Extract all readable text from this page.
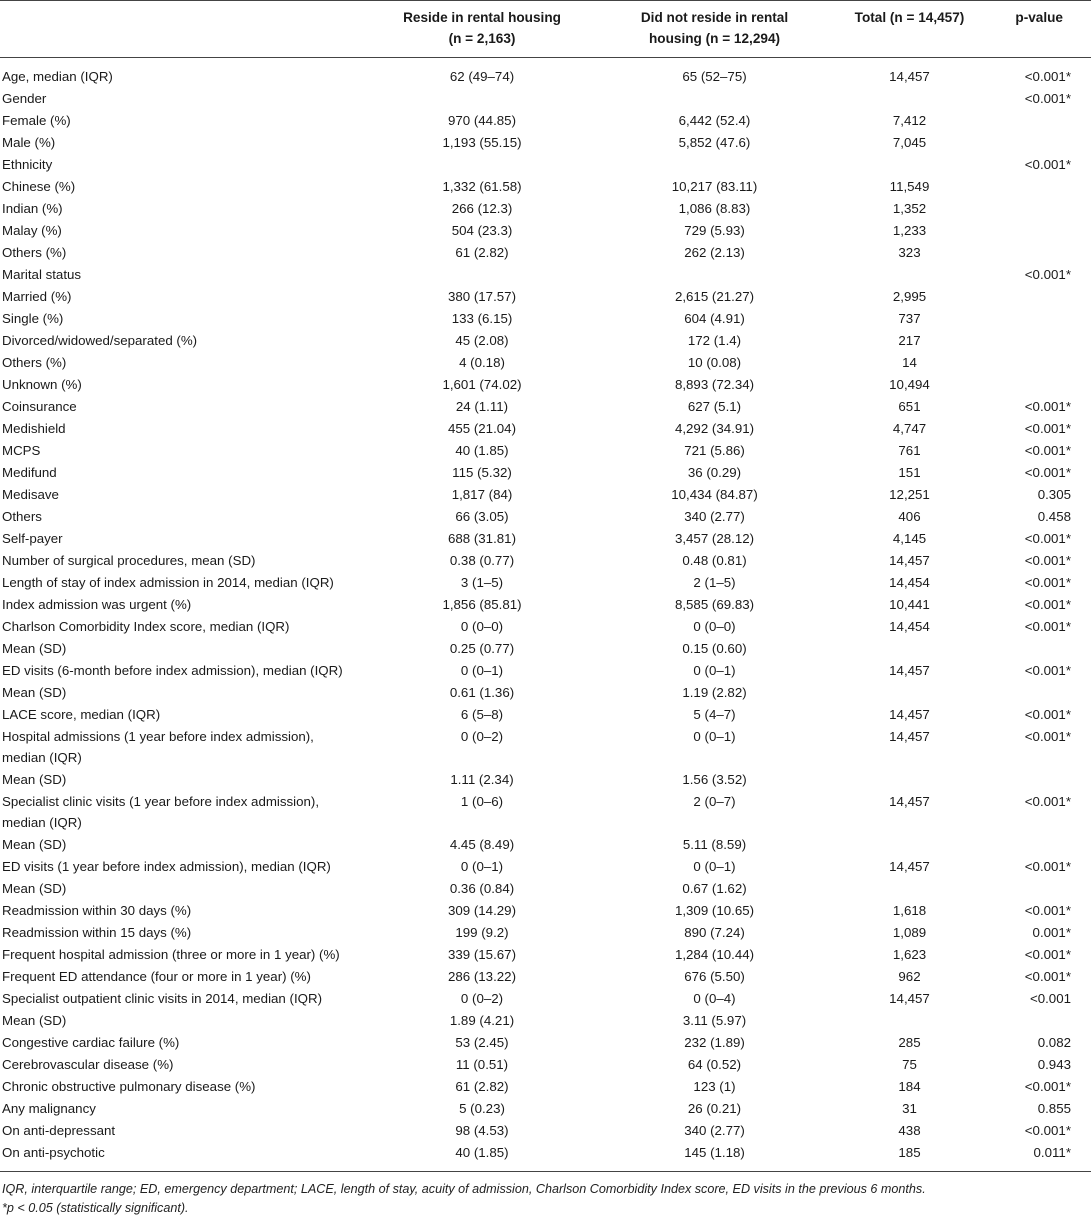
	Reside in rental housing (n = 2,163)	Did not reside in rental housing (n = 12,294)	Total (n = 14,457)	p-value
Age, median (IQR)	62 (49–74)	65 (52–75)	14,457	<0.001*
Gender				<0.001*
Female (%)	970 (44.85)	6,442 (52.4)	7,412	
Male (%)	1,193 (55.15)	5,852 (47.6)	7,045	
Ethnicity				<0.001*
Chinese (%)	1,332 (61.58)	10,217 (83.11)	11,549	
Indian (%)	266 (12.3)	1,086 (8.83)	1,352	
Malay (%)	504 (23.3)	729 (5.93)	1,233	
Others (%)	61 (2.82)	262 (2.13)	323	
Marital status				<0.001*
Married (%)	380 (17.57)	2,615 (21.27)	2,995	
Single (%)	133 (6.15)	604 (4.91)	737	
Divorced/widowed/separated (%)	45 (2.08)	172 (1.4)	217	
Others (%)	4 (0.18)	10 (0.08)	14	
Unknown (%)	1,601 (74.02)	8,893 (72.34)	10,494	
Coinsurance	24 (1.11)	627 (5.1)	651	<0.001*
Medishield	455 (21.04)	4,292 (34.91)	4,747	<0.001*
MCPS	40 (1.85)	721 (5.86)	761	<0.001*
Medifund	115 (5.32)	36 (0.29)	151	<0.001*
Medisave	1,817 (84)	10,434 (84.87)	12,251	0.305
Others	66 (3.05)	340 (2.77)	406	0.458
Self-payer	688 (31.81)	3,457 (28.12)	4,145	<0.001*
Number of surgical procedures, mean (SD)	0.38 (0.77)	0.48 (0.81)	14,457	<0.001*
Length of stay of index admission in 2014, median (IQR)	3 (1–5)	2 (1–5)	14,454	<0.001*
Index admission was urgent (%)	1,856 (85.81)	8,585 (69.83)	10,441	<0.001*
Charlson Comorbidity Index score, median (IQR)	0 (0–0)	0 (0–0)	14,454	<0.001*
Mean (SD)	0.25 (0.77)	0.15 (0.60)		
ED visits (6-month before index admission), median (IQR)	0 (0–1)	0 (0–1)	14,457	<0.001*
Mean (SD)	0.61 (1.36)	1.19 (2.82)		
LACE score, median (IQR)	6 (5–8)	5 (4–7)	14,457	<0.001*
Hospital admissions (1 year before index admission), median (IQR)	0 (0–2)	0 (0–1)	14,457	<0.001*
Mean (SD)	1.11 (2.34)	1.56 (3.52)		
Specialist clinic visits (1 year before index admission), median (IQR)	1 (0–6)	2 (0–7)	14,457	<0.001*
Mean (SD)	4.45 (8.49)	5.11 (8.59)		
ED visits (1 year before index admission), median (IQR)	0 (0–1)	0 (0–1)	14,457	<0.001*
Mean (SD)	0.36 (0.84)	0.67 (1.62)		
Readmission within 30 days (%)	309 (14.29)	1,309 (10.65)	1,618	<0.001*
Readmission within 15 days (%)	199 (9.2)	890 (7.24)	1,089	0.001*
Frequent hospital admission (three or more in 1 year) (%)	339 (15.67)	1,284 (10.44)	1,623	<0.001*
Frequent ED attendance (four or more in 1 year) (%)	286 (13.22)	676 (5.50)	962	<0.001*
Specialist outpatient clinic visits in 2014, median (IQR)	0 (0–2)	0 (0–4)	14,457	<0.001
Mean (SD)	1.89 (4.21)	3.11 (5.97)		
Congestive cardiac failure (%)	53 (2.45)	232 (1.89)	285	0.082
Cerebrovascular disease (%)	11 (0.51)	64 (0.52)	75	0.943
Chronic obstructive pulmonary disease (%)	61 (2.82)	123 (1)	184	<0.001*
Any malignancy	5 (0.23)	26 (0.21)	31	0.855
On anti-depressant	98 (4.53)	340 (2.77)	438	<0.001*
On anti-psychotic	40 (1.85)	145 (1.18)	185	0.011*
IQR, interquartile range; ED, emergency department; LACE, length of stay, acuity of admission, Charlson Comorbidity Index score, ED visits in the previous 6 months.
*p < 0.05 (statistically significant).
